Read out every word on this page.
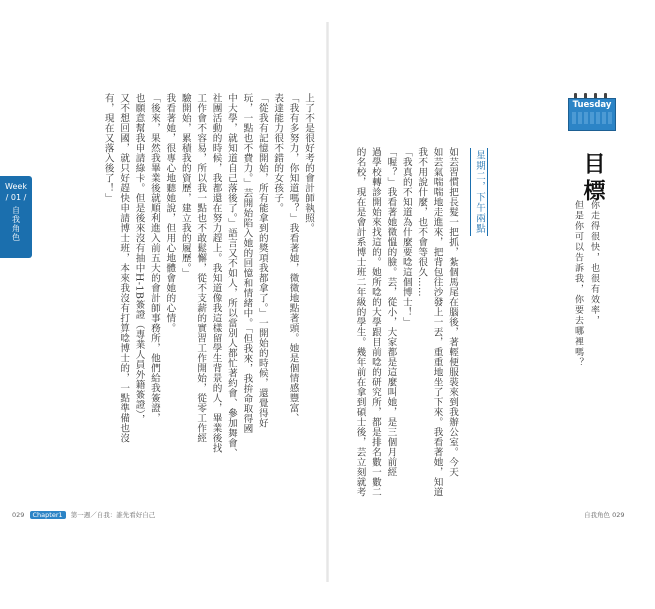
Week
/ 01 /
自我角色
Tuesday
目標
你走得很快，也很有效率，
但是你可以告訴我，你要去哪裡嗎？
星期二，下午兩點
如芸習慣把長髮一把抓，紮個馬尾在腦後，著輕便服裝來到我辦公室。今天
如芸氣喘喘地走進來，把背包往沙發上一丟，重重地坐了下來。我看著她，知道
我不用說什麼，也不會等很久……
「我真的不知道為什麼要唸這個博士！」
「喔？」我看著她微慍的臉。芸，從小，大家都是這麼叫她，是三個月前經
過學校轉診開始來找這的。她所唸的大學跟目前唸的研究所，都是排名數一數二
的名校，現在是會計系博士班二年級的學生。幾年前在拿到碩士後，芸立刻就考
上了不是很好考的會計師執照。
「我有多努力，你知道嗎？」我看著她，微微地點著頭。她是個情感豐富、
表達能力很不錯的女孩子。
「從我有記憶開始，所有能拿到的獎項我都拿了。」一開始的時候，還覺得好
玩，一點也不費力。」芸開始陷入她的回憶和情緒中。「但我來，我拚命取得國
中大學，就知道自己落後了。」語言又不如人，所以當別人都忙著約會、參加舞會、
社團活動的時候，我都還在努力趕上。我知道像我這樣留學生背景的人，畢業後找
工作會不容易，所以我一點也不敢鬆懈，從不支薪的實習工作開始，從零工作經
驗開始，累積我的資歷，建立我的履歷。」
我看著她，很專心地聽她說，但用心地體會她的心情。
「後來，果然我畢業後就順利進入前五大的會計師事務所，他們給我簽證，
也願意幫我申請綠卡。但是後來沒有抽中H-1B簽證（專業人員外籍簽證），
又不想回國，就只好趕快申請博士班，本來我沒有打算唸博士的，一點準備也沒
有，現在又落入後了！」
029 Chapter1 第一週／自我：誰先看好自己	自我角色 029
